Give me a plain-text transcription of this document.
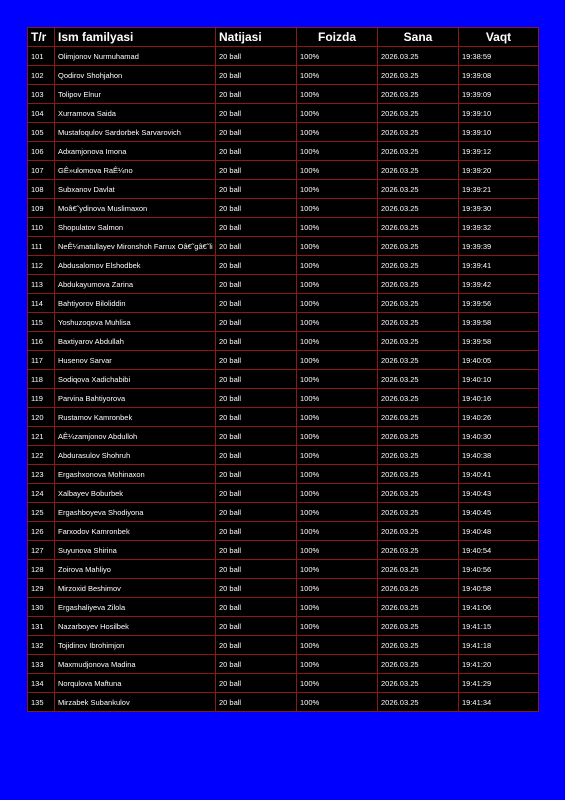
T/r	Ism familyasi	Natijasi	Foizda	Sana	Vaqt
101	Olimjonov Nurmuhamad	20 ball	100%	2026.03.25	19:38:59
102	Qodirov Shohjahon	20 ball	100%	2026.03.25	19:39:08
103	Tolipov Elnur	20 ball	100%	2026.03.25	19:39:09
104	Xurramova Saida	20 ball	100%	2026.03.25	19:39:10
105	Mustafoqulov Sardorbek Sarvarovich	20 ball	100%	2026.03.25	19:39:10
106	Adxamjonova Imona	20 ball	100%	2026.03.25	19:39:12
107	GÊ»ulomova RaÊ¼no	20 ball	100%	2026.03.25	19:39:20
108	Subxanov Davlat	20 ball	100%	2026.03.25	19:39:21
109	Moâ€˜ydinova Muslimaxon	20 ball	100%	2026.03.25	19:39:30
110	Shopulatov Salmon	20 ball	100%	2026.03.25	19:39:32
111	NeÊ¼matullayev Mironshoh Farrux Oâ€˜gâ€˜li	20 ball	100%	2026.03.25	19:39:39
112	Abdusalomov Elshodbek	20 ball	100%	2026.03.25	19:39:41
113	Abdukayumova Zarina	20 ball	100%	2026.03.25	19:39:42
114	Bahtiyorov Biloliddin	20 ball	100%	2026.03.25	19:39:56
115	Yoshuzoqova Muhlisa	20 ball	100%	2026.03.25	19:39:58
116	Baxtiyarov Abdullah	20 ball	100%	2026.03.25	19:39:58
117	Husenov Sarvar	20 ball	100%	2026.03.25	19:40:05
118	Sodiqova Xadichabibi	20 ball	100%	2026.03.25	19:40:10
119	Parvina Bahtiyorova	20 ball	100%	2026.03.25	19:40:16
120	Rustamov Kamronbek	20 ball	100%	2026.03.25	19:40:26
121	AÊ¼zamjonov Abdulloh	20 ball	100%	2026.03.25	19:40:30
122	Abdurasulov Shohruh	20 ball	100%	2026.03.25	19:40:38
123	Ergashxonova Mohinaxon	20 ball	100%	2026.03.25	19:40:41
124	Xalbayev Boburbek	20 ball	100%	2026.03.25	19:40:43
125	Ergashboyeva Shodiyona	20 ball	100%	2026.03.25	19:40:45
126	Farxodov Kamronbek	20 ball	100%	2026.03.25	19:40:48
127	Suyunova Shirina	20 ball	100%	2026.03.25	19:40:54
128	Zoirova Mahliyo	20 ball	100%	2026.03.25	19:40:56
129	Mirzoxid Beshimov	20 ball	100%	2026.03.25	19:40:58
130	Ergashaliyeva Zilola	20 ball	100%	2026.03.25	19:41:06
131	Nazarboyev Hosilbek	20 ball	100%	2026.03.25	19:41:15
132	Tojidinov Ibrohimjon	20 ball	100%	2026.03.25	19:41:18
133	Maxmudjonova Madina	20 ball	100%	2026.03.25	19:41:20
134	Norqulova Maftuna	20 ball	100%	2026.03.25	19:41:29
135	Mirzabek Subankulov	20 ball	100%	2026.03.25	19:41:34
